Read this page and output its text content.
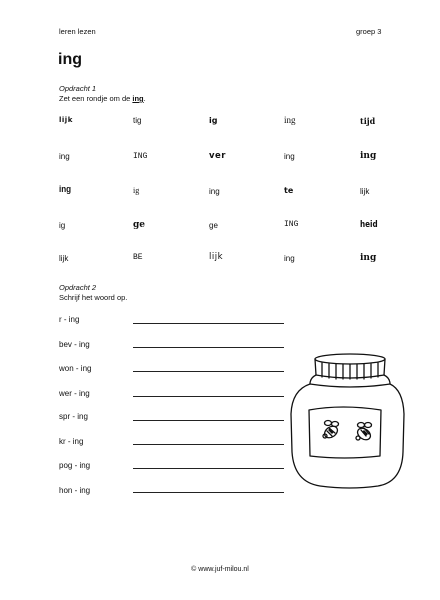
leren lezen	groep 3
ing
Opdracht 1
Zet een rondje om de ing.
lijk	tig	ig	ing	tijd
ing	ING	ver	ing	ing
ing	ig	ing	te	lijk
ig	ge	ge	ING	heid
lijk	BE	lijk	ing	ing
Opdracht 2
Schrijf het woord op.
r - ing
bev - ing
won - ing
wer - ing
spr - ing
kr - ing
pog - ing
hon - ing
© www.juf-milou.nl
